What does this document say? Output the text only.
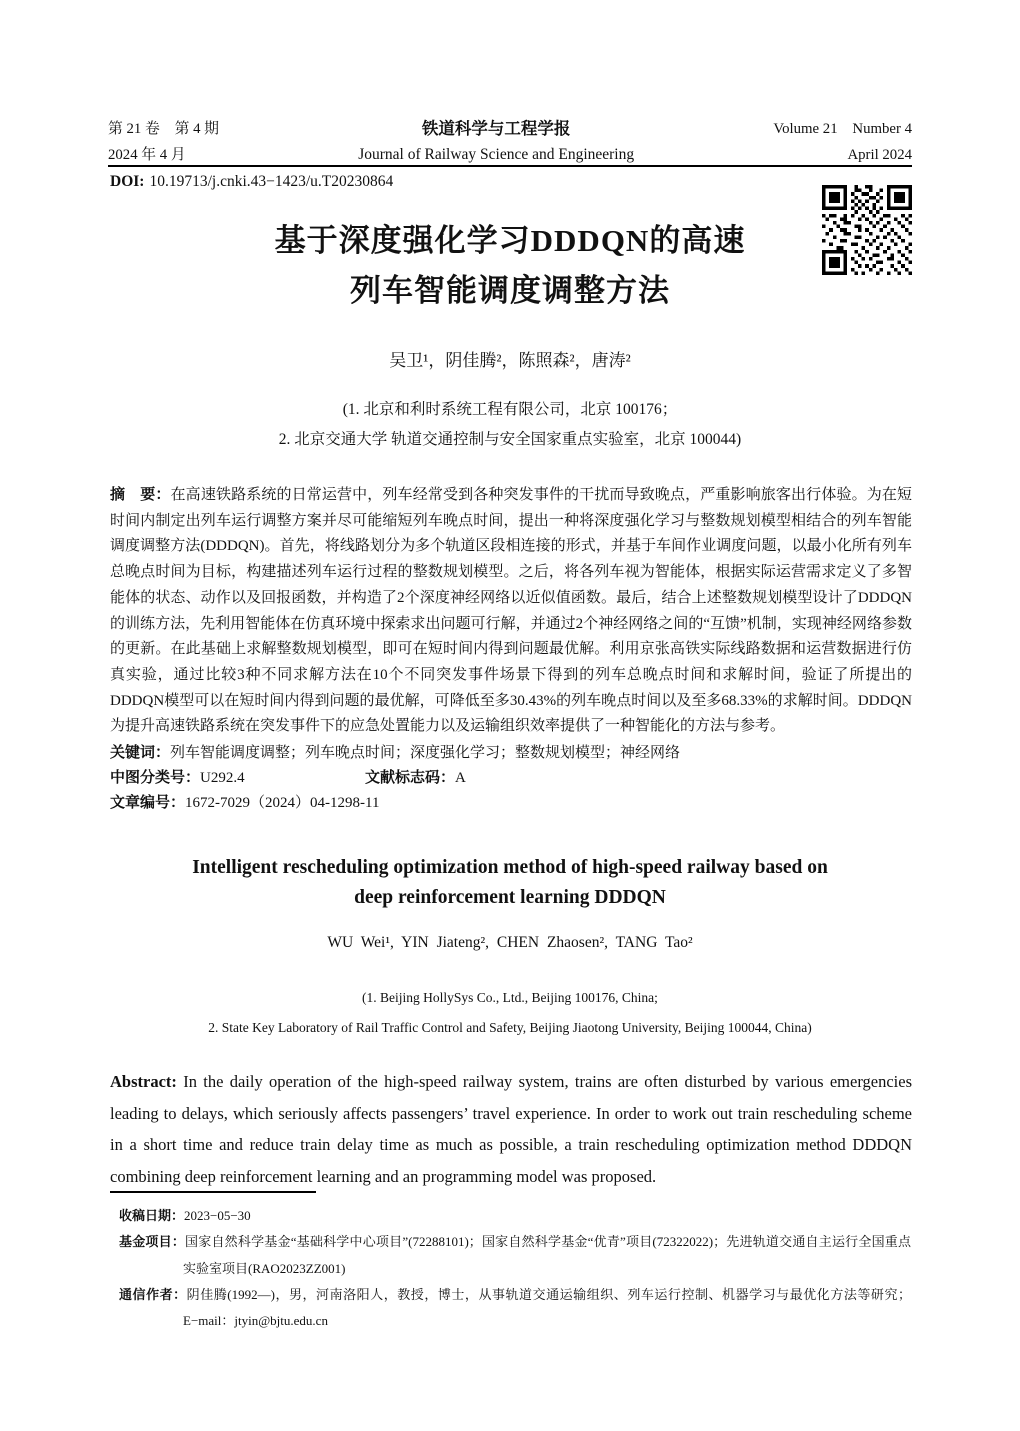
第 21 卷　第 4 期
2024 年 4 月
铁道科学与工程学报
Journal of Railway Science and Engineering
Volume 21　Number 4
April 2024
DOI: 10.19713/j.cnki.43−1423/u.T20230864
基于深度强化学习DDDQN的高速
列车智能调度调整方法
吴卫¹，阴佳腾²，陈照森²，唐涛²
(1. 北京和利时系统工程有限公司，北京 100176；
2. 北京交通大学 轨道交通控制与安全国家重点实验室，北京 100044)
摘　要：在高速铁路系统的日常运营中，列车经常受到各种突发事件的干扰而导致晚点，严重影响旅客出行体验。为在短时间内制定出列车运行调整方案并尽可能缩短列车晚点时间，提出一种将深度强化学习与整数规划模型相结合的列车智能调度调整方法(DDDQN)。首先，将线路划分为多个轨道区段相连接的形式，并基于车间作业调度问题，以最小化所有列车总晚点时间为目标，构建描述列车运行过程的整数规划模型。之后，将各列车视为智能体，根据实际运营需求定义了多智能体的状态、动作以及回报函数，并构造了2个深度神经网络以近似值函数。最后，结合上述整数规划模型设计了DDDQN的训练方法，先利用智能体在仿真环境中探索求出问题可行解，并通过2个神经网络之间的“互馈”机制，实现神经网络参数的更新。在此基础上求解整数规划模型，即可在短时间内得到问题最优解。利用京张高铁实际线路数据和运营数据进行仿真实验，通过比较3种不同求解方法在10个不同突发事件场景下得到的列车总晚点时间和求解时间，验证了所提出的DDDQN模型可以在短时间内得到问题的最优解，可降低至多30.43%的列车晚点时间以及至多68.33%的求解时间。DDDQN为提升高速铁路系统在突发事件下的应急处置能力以及运输组织效率提供了一种智能化的方法与参考。
关键词：列车智能调度调整；列车晚点时间；深度强化学习；整数规划模型；神经网络
中图分类号：U292.4	文献标志码：A
文章编号：1672-7029（2024）04-1298-11
Intelligent rescheduling optimization method of high-speed railway based on
deep reinforcement learning DDDQN
WU Wei¹, YIN Jiateng², CHEN Zhaosen², TANG Tao²
(1. Beijing HollySys Co., Ltd., Beijing 100176, China;
2. State Key Laboratory of Rail Traffic Control and Safety, Beijing Jiaotong University, Beijing 100044, China)
Abstract: In the daily operation of the high-speed railway system, trains are often disturbed by various emergencies leading to delays, which seriously affects passengers’ travel experience. In order to work out train rescheduling scheme in a short time and reduce train delay time as much as possible, a train rescheduling optimization method DDDQN combining deep reinforcement learning and an programming model was proposed.

收稿日期：2023−05−30

基金项目：国家自然科学基金“基础科学中心项目”(72288101)；国家自然科学基金“优青”项目(72322022)；先进轨道交通自主运行全国重点实验室项目(RAO2023ZZ001)

通信作者：阴佳腾(1992—)，男，河南洛阳人，教授，博士，从事轨道交通运输组织、列车运行控制、机器学习与最优化方法等研究；E−mail：jtyin@bjtu.edu.cn
